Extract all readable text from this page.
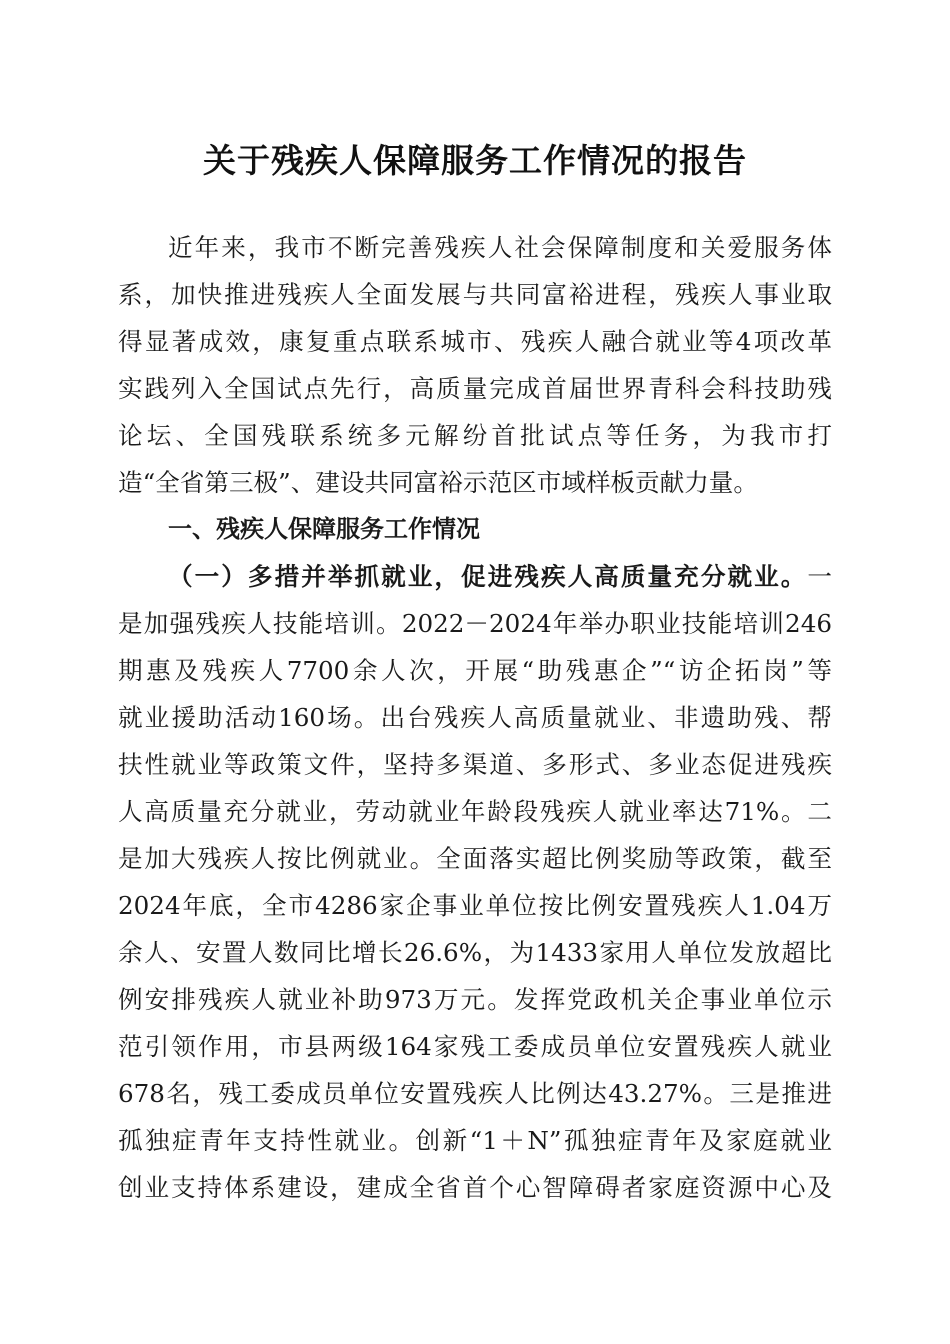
关于残疾人保障服务工作情况的报告
近年来，我市不断完善残疾人社会保障制度和关爱服务体
系，加快推进残疾人全面发展与共同富裕进程，残疾人事业取
得显著成效，康复重点联系城市、残疾人融合就业等4项改革
实践列入全国试点先行，高质量完成首届世界青科会科技助残
论坛、全国残联系统多元解纷首批试点等任务，为我市打
造“全省第三极”、建设共同富裕示范区市域样板贡献力量。
一、残疾人保障服务工作情况
（一）多措并举抓就业，促进残疾人高质量充分就业。一
是加强残疾人技能培训。2022－2024年举办职业技能培训246
期惠及残疾人7700余人次，开展“助残惠企”“访企拓岗”等
就业援助活动160场。出台残疾人高质量就业、非遗助残、帮
扶性就业等政策文件，坚持多渠道、多形式、多业态促进残疾
人高质量充分就业，劳动就业年龄段残疾人就业率达71%。二
是加大残疾人按比例就业。全面落实超比例奖励等政策，截至
2024年底，全市4286家企事业单位按比例安置残疾人1.04万
余人、安置人数同比增长26.6%，为1433家用人单位发放超比
例安排残疾人就业补助973万元。发挥党政机关企事业单位示
范引领作用，市县两级164家残工委成员单位安置残疾人就业
678名，残工委成员单位安置残疾人比例达43.27%。三是推进
孤独症青年支持性就业。创新“1＋N”孤独症青年及家庭就业
创业支持体系建设，建成全省首个心智障碍者家庭资源中心及
